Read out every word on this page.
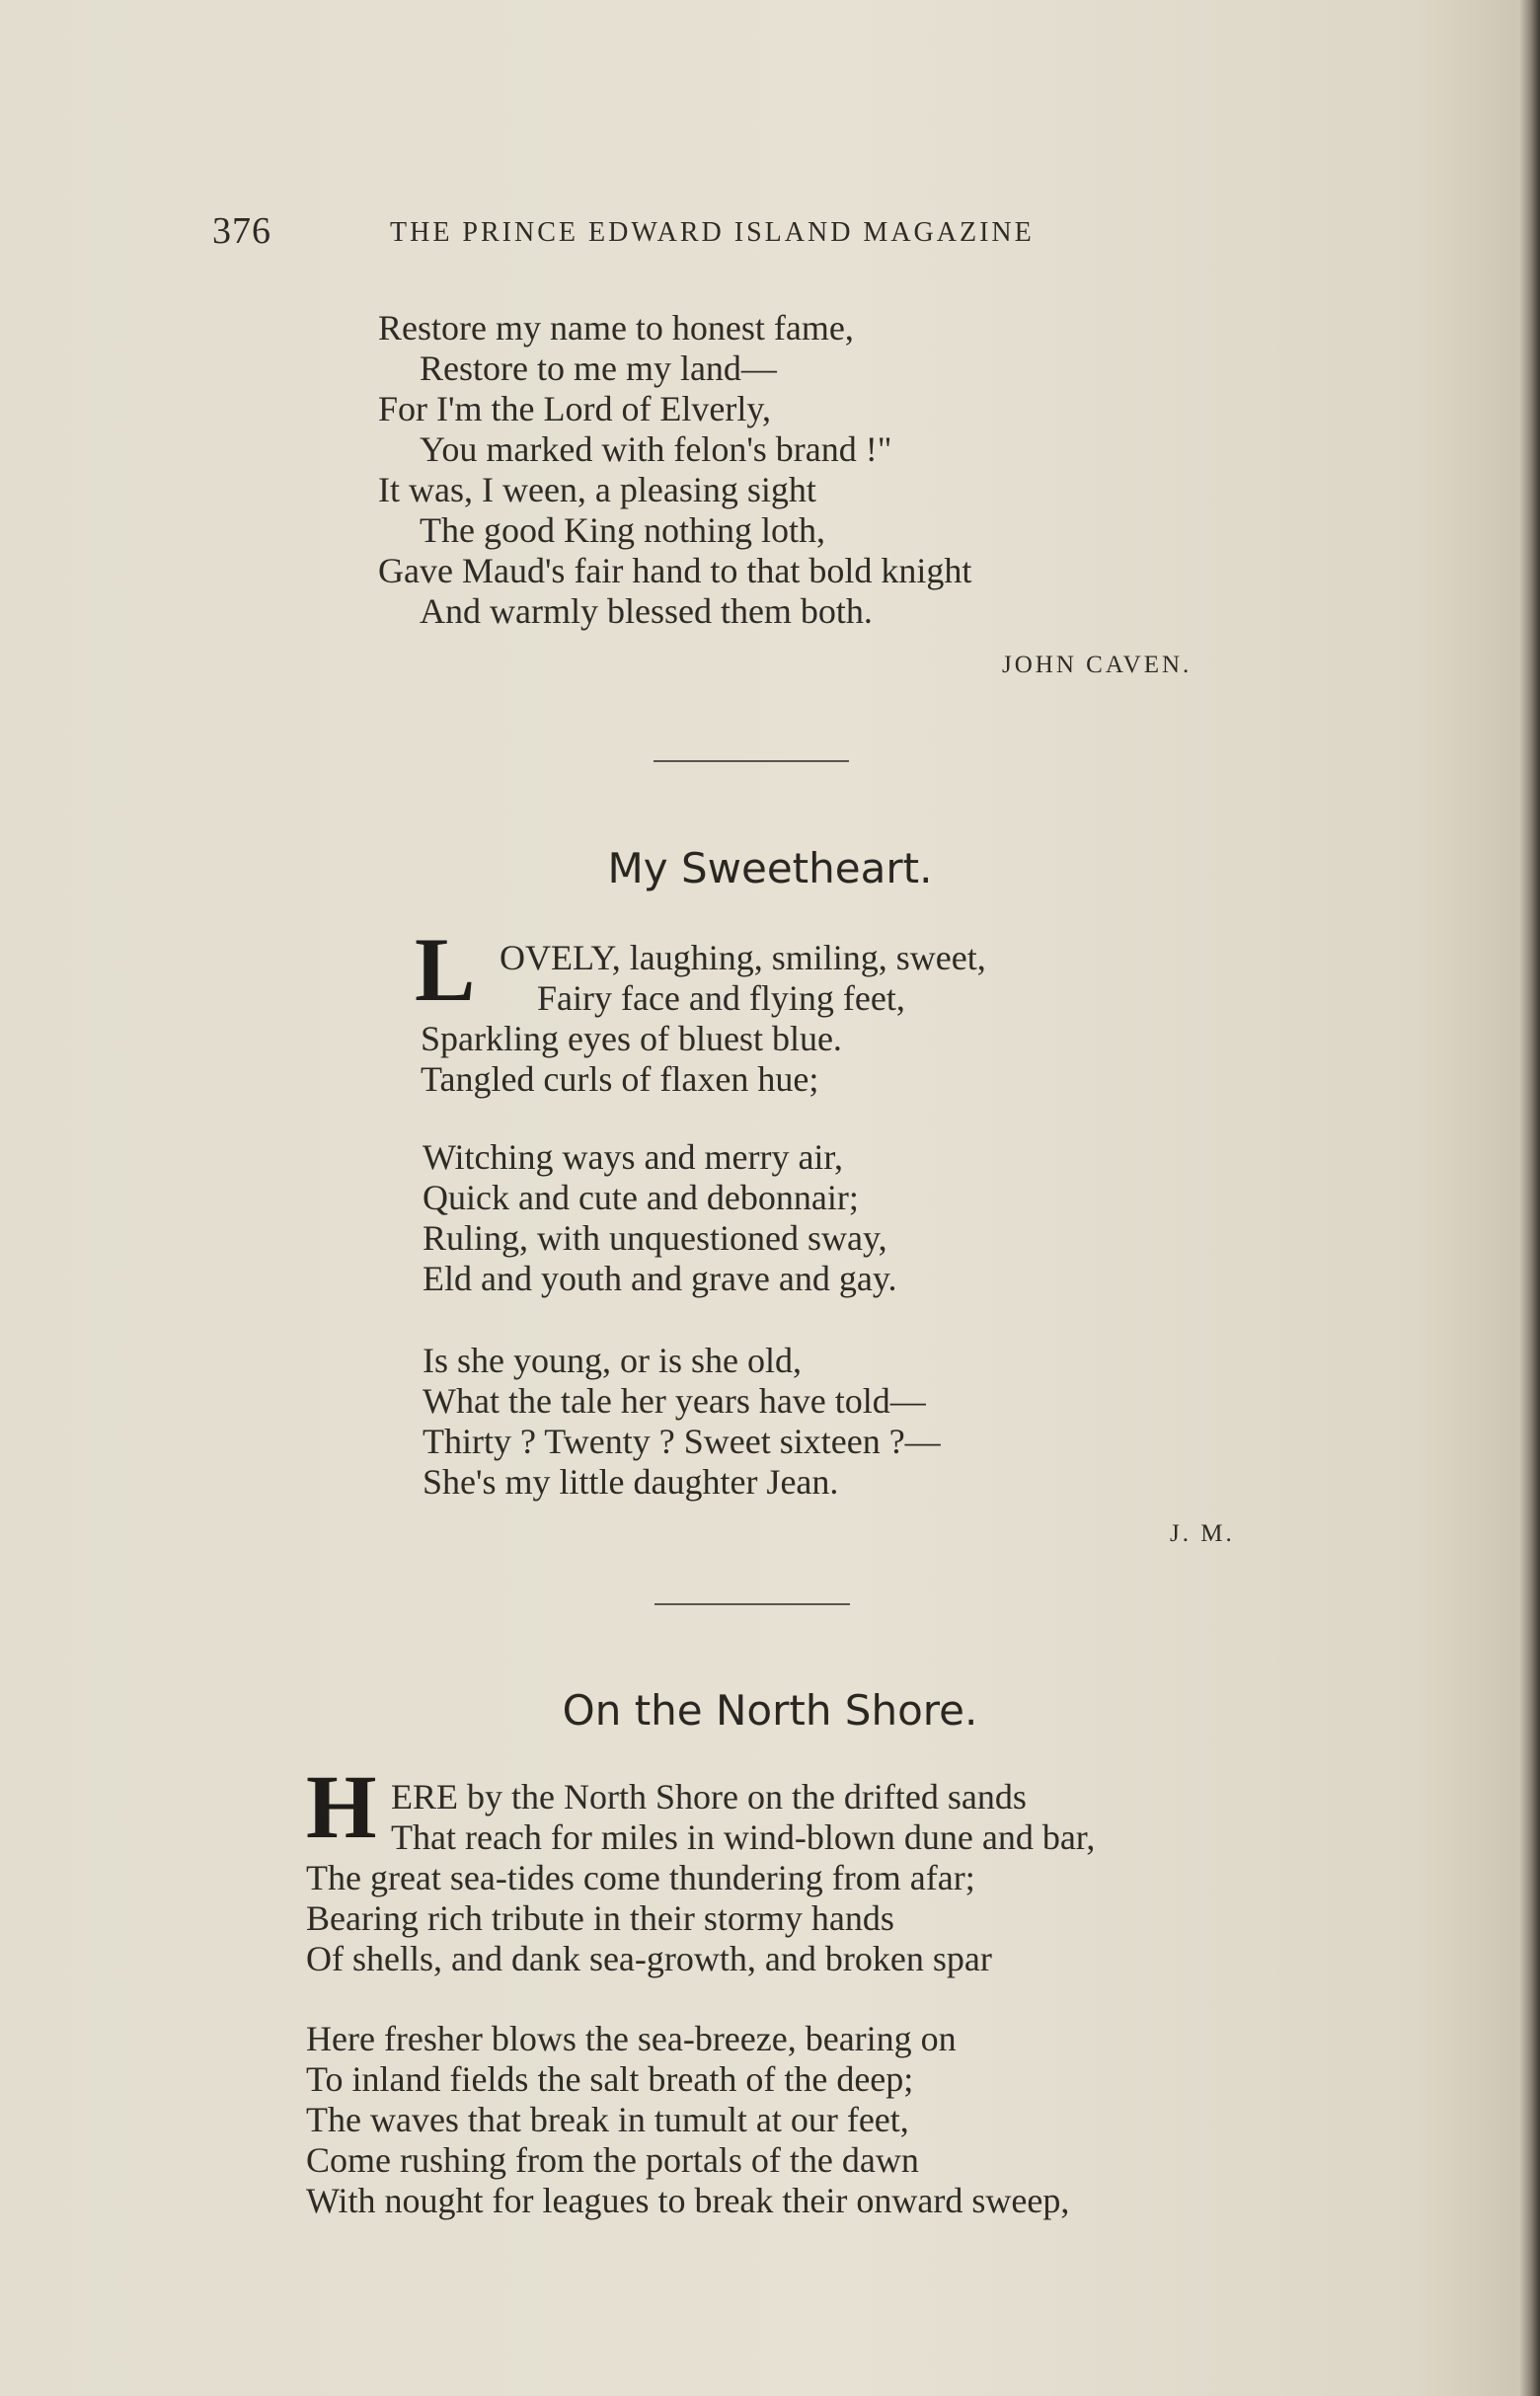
376	THE PRINCE EDWARD ISLAND MAGAZINE
Restore my name to honest fame,
Restore to me my land—
For I'm the Lord of Elverly,
You marked with felon's brand !"
It was, I ween, a pleasing sight
The good King nothing loth,
Gave Maud's fair hand to that bold knight
And warmly blessed them both.
JOHN CAVEN.
My Sweetheart.
L OVELY, laughing, smiling, sweet,
Fairy face and flying feet,
Sparkling eyes of bluest blue.
Tangled curls of flaxen hue;
Witching ways and merry air,
Quick and cute and debonnair;
Ruling, with unquestioned sway,
Eld and youth and grave and gay.
Is she young, or is she old,
What the tale her years have told—
Thirty ? Twenty ? Sweet sixteen ?—
She's my little daughter Jean.
J. M.
On the North Shore.
H ERE by the North Shore on the drifted sands
That reach for miles in wind-blown dune and bar,
The great sea-tides come thundering from afar;
Bearing rich tribute in their stormy hands
Of shells, and dank sea-growth, and broken spar
Here fresher blows the sea-breeze, bearing on
To inland fields the salt breath of the deep;
The waves that break in tumult at our feet,
Come rushing from the portals of the dawn
With nought for leagues to break their onward sweep,
